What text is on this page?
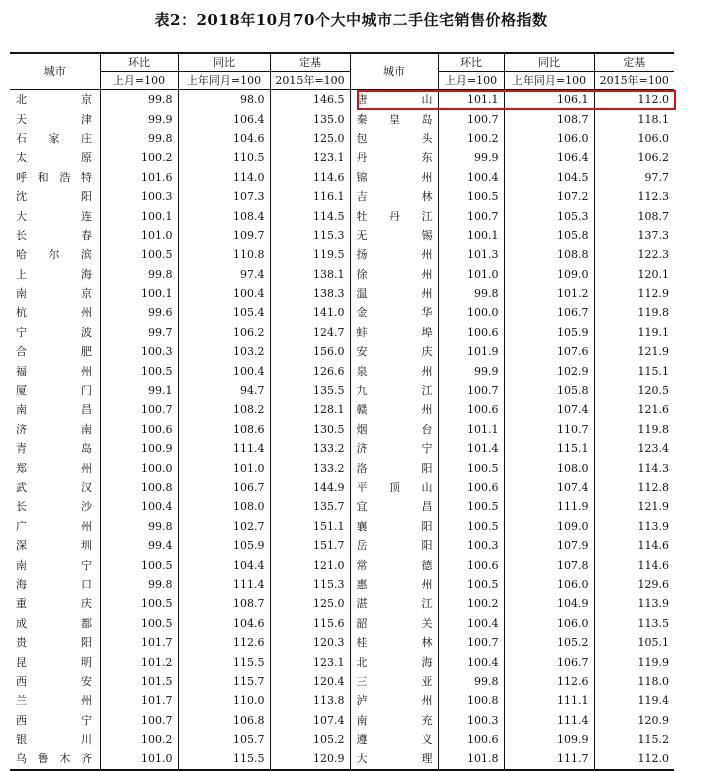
表2：2018年10月70个大中城市二手住宅销售价格指数
城市	环比	同比	定基	城市	环比	同比	定基
	上月=100	上年同月=100	2015年=100		上月=100	上年同月=100	2015年=100
北京	99.8	98.0	146.5	唐山	101.1	106.1	112.0
天津	99.9	106.4	135.0	秦皇岛	100.7	108.7	118.1
石家庄	99.8	104.6	125.0	包头	100.2	106.0	106.0
太原	100.2	110.5	123.1	丹东	99.9	106.4	106.2
呼和浩特	101.6	114.0	114.6	锦州	100.4	104.5	97.7
沈阳	100.3	107.3	116.1	吉林	100.5	107.2	112.3
大连	100.1	108.4	114.5	牡丹江	100.7	105.3	108.7
长春	101.0	109.7	115.3	无锡	100.1	105.8	137.3
哈尔滨	100.5	110.8	119.5	扬州	101.3	108.8	122.3
上海	99.8	97.4	138.1	徐州	101.0	109.0	120.1
南京	100.1	100.4	138.3	温州	99.8	101.2	112.9
杭州	99.6	105.4	141.0	金华	100.0	106.7	119.8
宁波	99.7	106.2	124.7	蚌埠	100.6	105.9	119.1
合肥	100.3	103.2	156.0	安庆	101.9	107.6	121.9
福州	100.5	100.4	126.6	泉州	99.9	102.9	115.1
厦门	99.1	94.7	135.5	九江	100.7	105.8	120.5
南昌	100.7	108.2	128.1	赣州	100.6	107.4	121.6
济南	100.6	108.6	130.5	烟台	101.1	110.7	119.8
青岛	100.9	111.4	133.2	济宁	101.4	115.1	123.4
郑州	100.0	101.0	133.2	洛阳	100.5	108.0	114.3
武汉	100.8	106.7	144.9	平顶山	100.6	107.4	112.8
长沙	100.4	108.0	135.7	宜昌	100.5	111.9	121.9
广州	99.8	102.7	151.1	襄阳	100.5	109.0	113.9
深圳	99.4	105.9	151.7	岳阳	100.3	107.9	114.6
南宁	100.5	104.4	121.0	常德	100.6	107.8	114.6
海口	99.8	111.4	115.3	惠州	100.5	106.0	129.6
重庆	100.5	108.7	125.0	湛江	100.2	104.9	113.9
成都	100.5	104.6	115.6	韶关	100.4	106.0	113.5
贵阳	101.7	112.6	120.3	桂林	100.7	105.2	105.1
昆明	101.2	115.5	123.1	北海	100.4	106.7	119.9
西安	101.5	115.7	120.4	三亚	99.8	112.6	118.0
兰州	101.7	110.0	113.8	泸州	100.8	111.1	119.4
西宁	100.7	106.8	107.4	南充	100.3	111.4	120.9
银川	100.2	105.7	105.2	遵义	100.6	109.9	115.2
乌鲁木齐	101.0	115.5	120.9	大理	101.8	111.7	112.0
